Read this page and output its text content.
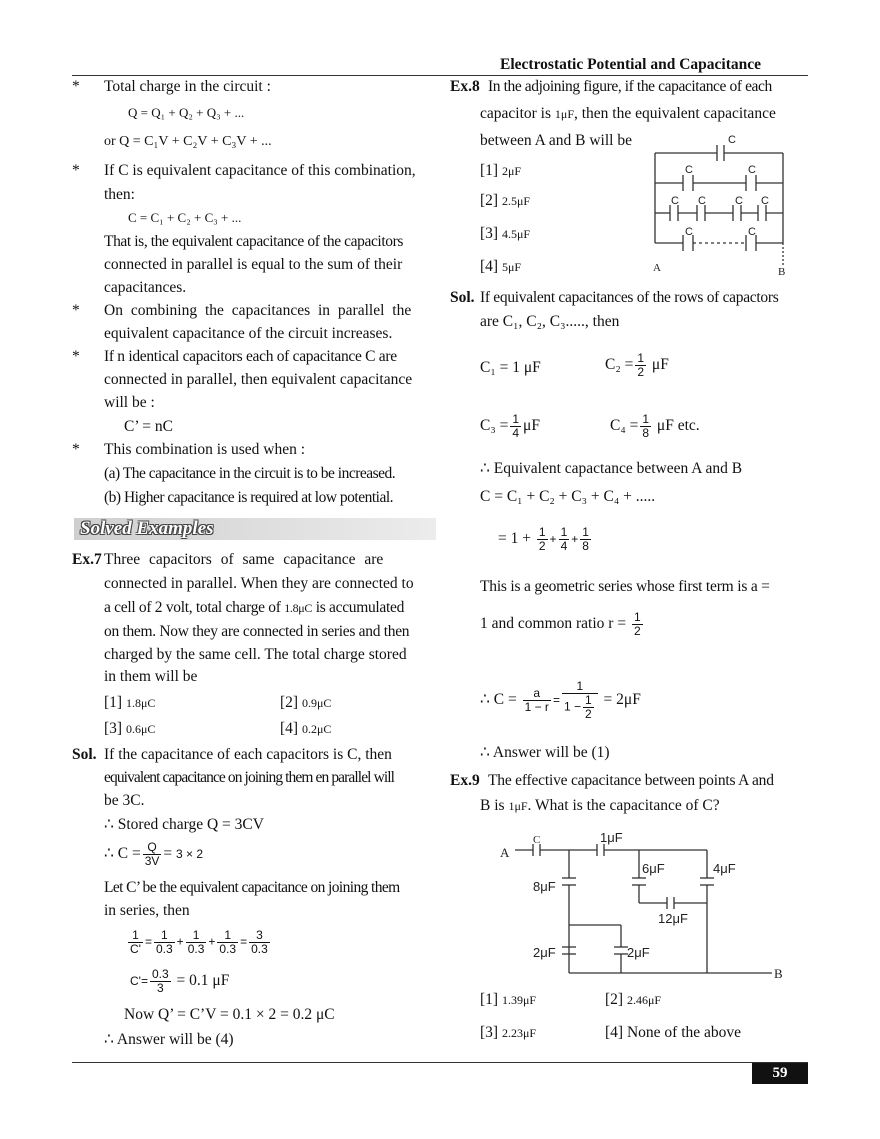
Electrostatic Potential and Capacitance
* Total charge in the circuit :
Q = Q₁ + Q₂ + Q₃ + ...
or Q = C₁V + C₂V + C₃V + ...
* If C is equivalent capacitance of this combination,
then:
C = C₁ + C₂ + C₃ + ...
That is, the equivalent capacitance of the capacitors
connected in parallel is equal to the sum of their
capacitances.
* On combining the capacitances in parallel the
equivalent capacitance of the circuit increases.
* If n identical capacitors each of capacitance C are
connected in parallel, then equivalent capacitance
will be :
C’ = nC
* This combination is used when :
(a) The capacitance in the circuit is to be increased.
(b) Higher capacitance is required at low potential.
Solved Examples
Ex.7 Three capacitors of same capacitance are
connected in parallel. When they are connected to
a cell of 2 volt, total charge of 1.8μC is accumulated
on them. Now they are connected in series and then
charged by the same cell. The total charge stored
in them will be
[1] 1.8μC	[2] 0.9μC
[3] 0.6μC	[4] 0.2μC
Sol. If the capacitance of each capacitors is C, then
equivalent capacitance on joining them en parallel will
be 3C.
∴ Stored charge Q = 3CV
∴ $C = \frac{Q}{3V} = 3 \times 2$
Let C’ be the equivalent capacitance on joining them
in series, then
$\frac{1}{C'} = \frac{1}{0.3} + \frac{1}{0.3} + \frac{1}{0.3} = \frac{3}{0.3}$
$C'= \frac{0.3}{3} = 0.1$ μF
Now Q’ = C’V = 0.1 × 2 = 0.2 μC
∴ Answer will be (4)
Ex.8 In the adjoining figure, if the capacitance of each
capacitor is 1μF, then the equivalent capacitance
between A and B will be
[1] 2μF
[2] 2.5μF
[3] 4.5μF
[4] 5μF
C
C	C
C C	C C
C	C
A	B
Sol. If equivalent capacitances of the rows of capactors
are C₁, C₂, C₃....., then
C₁ = 1 μF	$C_2 = \frac{1}{2}$ μF
$C_3 = \frac{1}{4}$ μF	$C_4 = \frac{1}{8}$ μF etc.
∴ Equivalent capactance between A and B
C = C₁ + C₂ + C₃ + C₄ + .....
= $1 + \frac{1}{2} + \frac{1}{4} + \frac{1}{8}$
This is a geometric series whose first term is a =
1 and common ratio $r = \frac{1}{2}$
∴ $C = \frac{a}{1 - r} = \frac{1}{1 - \frac{1}{2}} = 2\mu F$
∴ Answer will be (1)
Ex.9 The effective capacitance between points A and
B is 1μF. What is the capacitance of C?
A
C	1μF
8μF
6μF	4μF
12μF
2μF	2μF
B
[1] 1.39μF	[2] 2.46μF
[3] 2.23μF	[4] None of the above
59
